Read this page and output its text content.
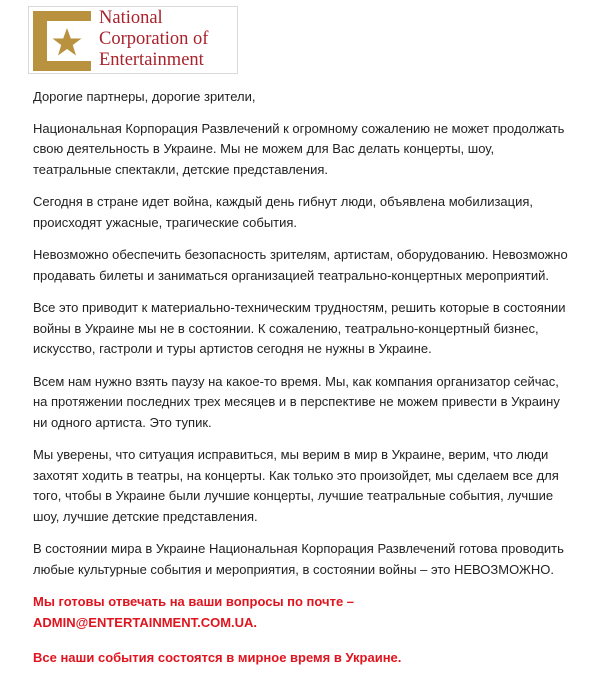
National
Corporation of
Entertainment

Дорогие партнеры, дорогие зрители,

Национальная Корпорация Развлечений к огромному сожалению не может продолжать свою деятельность в Украине. Мы не можем для Вас делать концерты, шоу, театральные спектакли, детские представления.

Сегодня в стране идет война, каждый день гибнут люди, объявлена мобилизация, происходят ужасные, трагические события.

Невозможно обеспечить безопасность зрителям, артистам, оборудованию. Невозможно продавать билеты и заниматься организацией театрально-концертных мероприятий.

Все это приводит к материально-техническим трудностям, решить которые в состоянии войны в Украине мы не в состоянии. К сожалению, театрально-концертный бизнес, искусство, гастроли и туры артистов сегодня не нужны в Украине.

Всем нам нужно взять паузу на какое-то время. Мы, как компания организатор сейчас, на протяжении последних трех месяцев и в перспективе не можем привести в Украину ни одного артиста. Это тупик.

Мы уверены, что ситуация исправиться, мы верим в мир в Украине, верим, что люди захотят ходить в театры, на концерты. Как только это произойдет, мы сделаем все для того, чтобы в Украине были лучшие концерты, лучшие театральные события, лучшие шоу, лучшие детские представления.

В состоянии мира в Украине Национальная Корпорация Развлечений готова проводить любые культурные события и мероприятия, в состоянии войны – это НЕВОЗМОЖНО.

Мы готовы отвечать на ваши вопросы по почте – ADMIN@ENTERTAINMENT.COM.UA.

Все наши события состоятся в мирное время в Украине.
